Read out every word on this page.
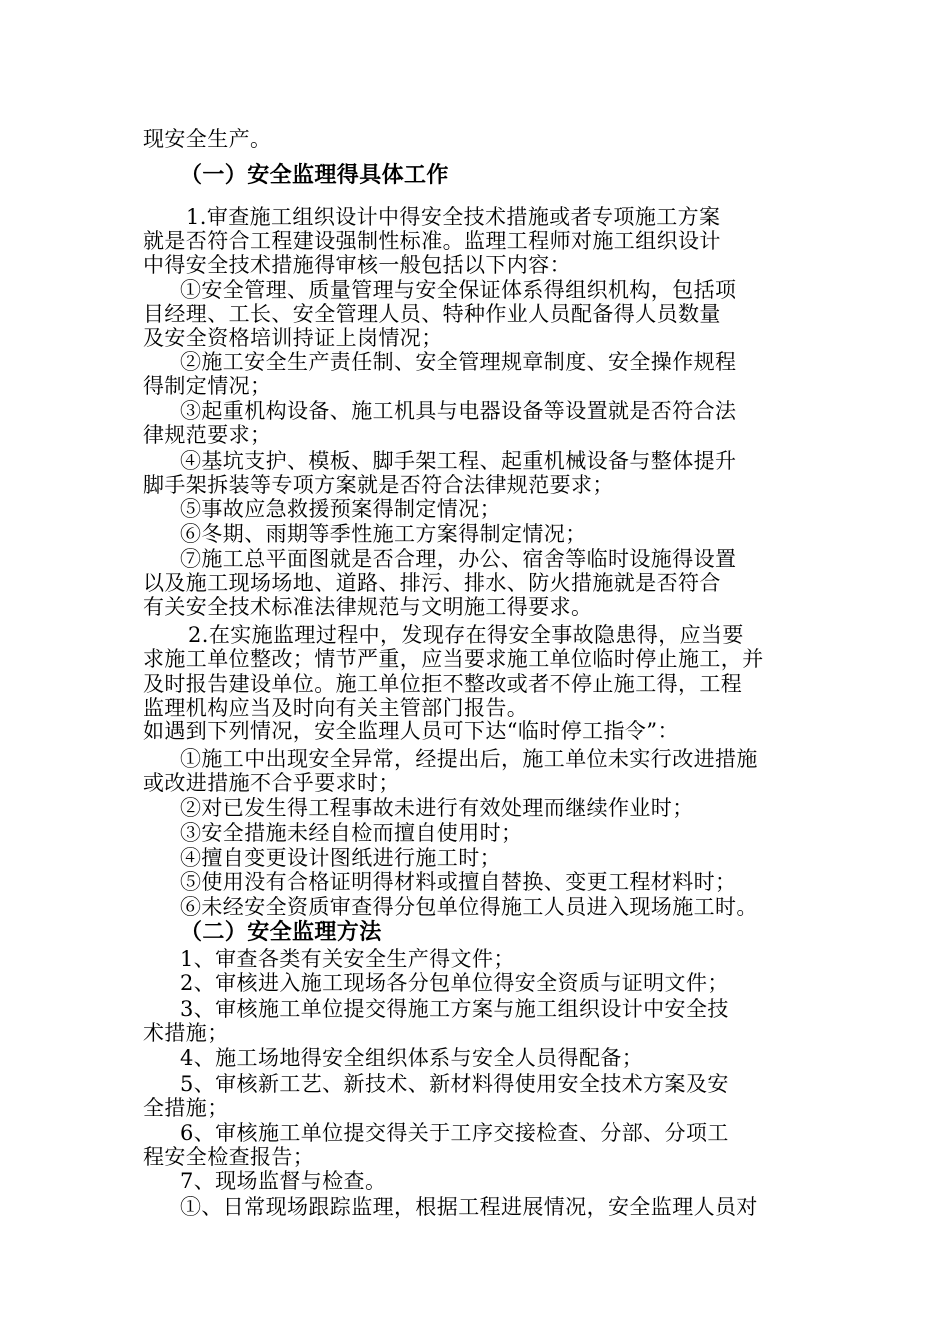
现安全生产。

（一）安全监理得具体工作

1.审查施工组织设计中得安全技术措施或者专项施工方案

就是否符合工程建设强制性标准。监理工程师对施工组织设计

中得安全技术措施得审核一般包括以下内容：

①安全管理、质量管理与安全保证体系得组织机构，包括项

目经理、工长、安全管理人员、特种作业人员配备得人员数量

及安全资格培训持证上岗情况；

②施工安全生产责任制、安全管理规章制度、安全操作规程

得制定情况；

③起重机构设备、施工机具与电器设备等设置就是否符合法

律规范要求；

④基坑支护、模板、脚手架工程、起重机械设备与整体提升

脚手架拆装等专项方案就是否符合法律规范要求；

⑤事故应急救援预案得制定情况；

⑥冬期、雨期等季性施工方案得制定情况；

⑦施工总平面图就是否合理，办公、宿舍等临时设施得设置

以及施工现场场地、道路、排污、排水、防火措施就是否符合

有关安全技术标准法律规范与文明施工得要求。

2.在实施监理过程中，发现存在得安全事故隐患得，应当要

求施工单位整改；情节严重，应当要求施工单位临时停止施工，并

及时报告建设单位。施工单位拒不整改或者不停止施工得，工程

监理机构应当及时向有关主管部门报告。

如遇到下列情况，安全监理人员可下达“临时停工指令”：

①施工中出现安全异常，经提出后，施工单位未实行改进措施

或改进措施不合乎要求时；

②对已发生得工程事故未进行有效处理而继续作业时；

③安全措施未经自检而擅自使用时；

④擅自变更设计图纸进行施工时；

⑤使用没有合格证明得材料或擅自替换、变更工程材料时；

⑥未经安全资质审查得分包单位得施工人员进入现场施工时。

（二）安全监理方法

1、审查各类有关安全生产得文件；

2、审核进入施工现场各分包单位得安全资质与证明文件；

3、审核施工单位提交得施工方案与施工组织设计中安全技

术措施；

4、施工场地得安全组织体系与安全人员得配备；

5、审核新工艺、新技术、新材料得使用安全技术方案及安

全措施；

6、审核施工单位提交得关于工序交接检查、分部、分项工

程安全检查报告；

7、现场监督与检查。

①、日常现场跟踪监理，根据工程进展情况，安全监理人员对
